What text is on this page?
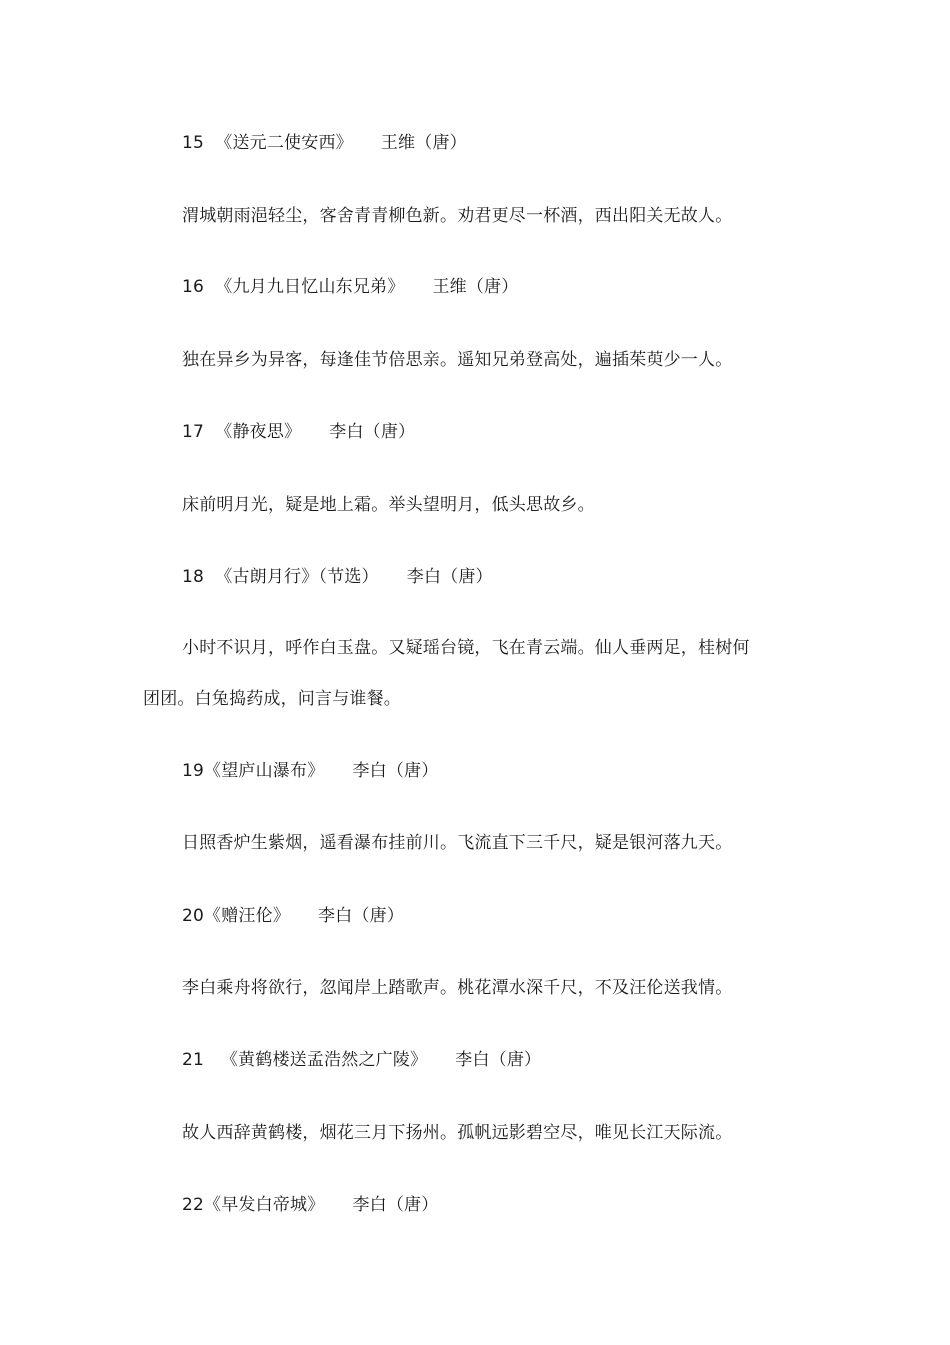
15  《送元二使安西》     王维（唐）
渭城朝雨浥轻尘，客舍青青柳色新。劝君更尽一杯酒，西出阳关无故人。
16  《九月九日忆山东兄弟》     王维（唐）
独在异乡为异客，每逢佳节倍思亲。遥知兄弟登高处，遍插茱萸少一人。
17  《静夜思》     李白（唐）
床前明月光，疑是地上霜。举头望明月，低头思故乡。
18  《古朗月行》（节选）     李白（唐）
小时不识月，呼作白玉盘。又疑瑶台镜，飞在青云端。仙人垂两足，桂树何
团团。白兔捣药成，问言与谁餐。
19《望庐山瀑布》     李白（唐）
日照香炉生紫烟，遥看瀑布挂前川。飞流直下三千尺，疑是银河落九天。
20《赠汪伦》     李白（唐）
李白乘舟将欲行，忽闻岸上踏歌声。桃花潭水深千尺，不及汪伦送我情。
21   《黄鹤楼送孟浩然之广陵》     李白（唐）
故人西辞黄鹤楼，烟花三月下扬州。孤帆远影碧空尽，唯见长江天际流。
22《早发白帝城》     李白（唐）
